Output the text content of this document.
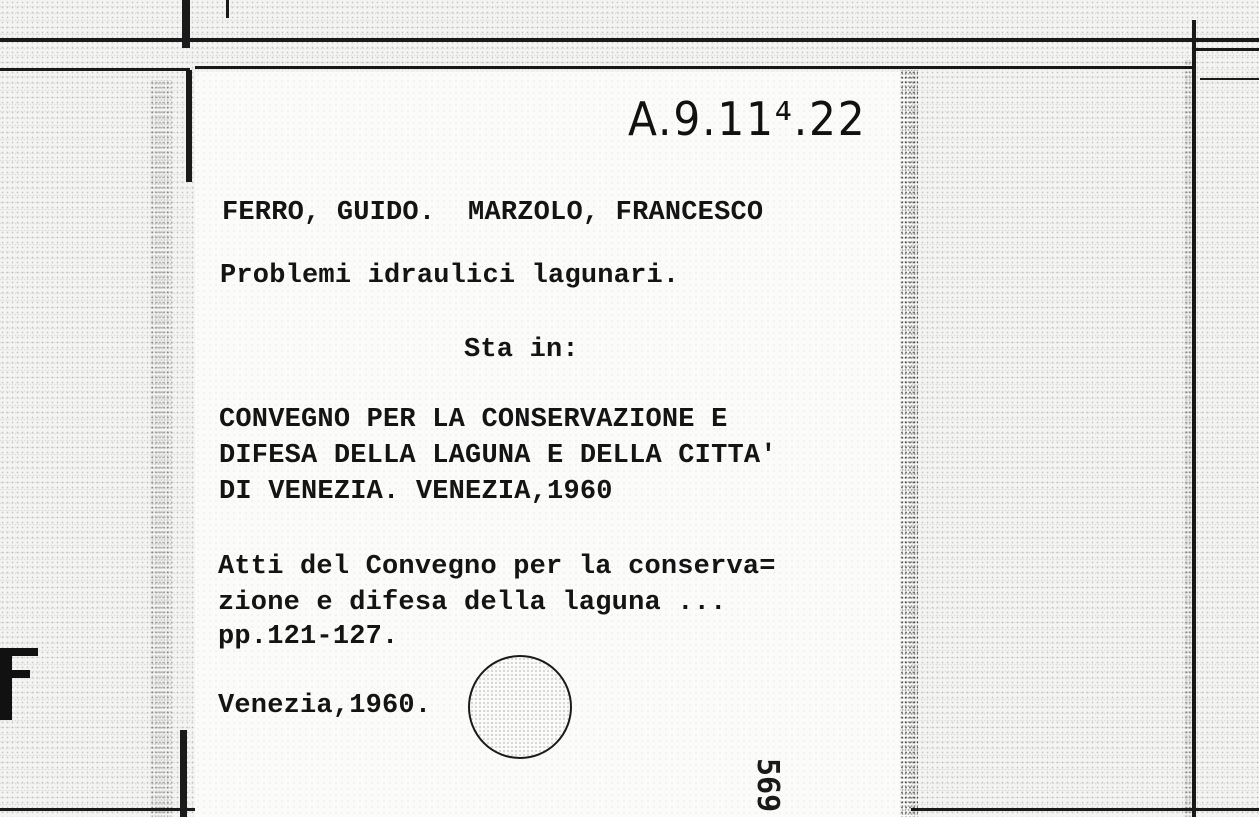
A.9.11⁴.22
FERRO, GUIDO.  MARZOLO, FRANCESCO
Problemi idraulici lagunari.
Sta in:
CONVEGNO PER LA CONSERVAZIONE E
DIFESA DELLA LAGUNA E DELLA CITTA'
DI VENEZIA. VENEZIA,1960
Atti del Convegno per la conserva=
zione e difesa della laguna ...
pp.121-127.
Venezia,1960.
569
